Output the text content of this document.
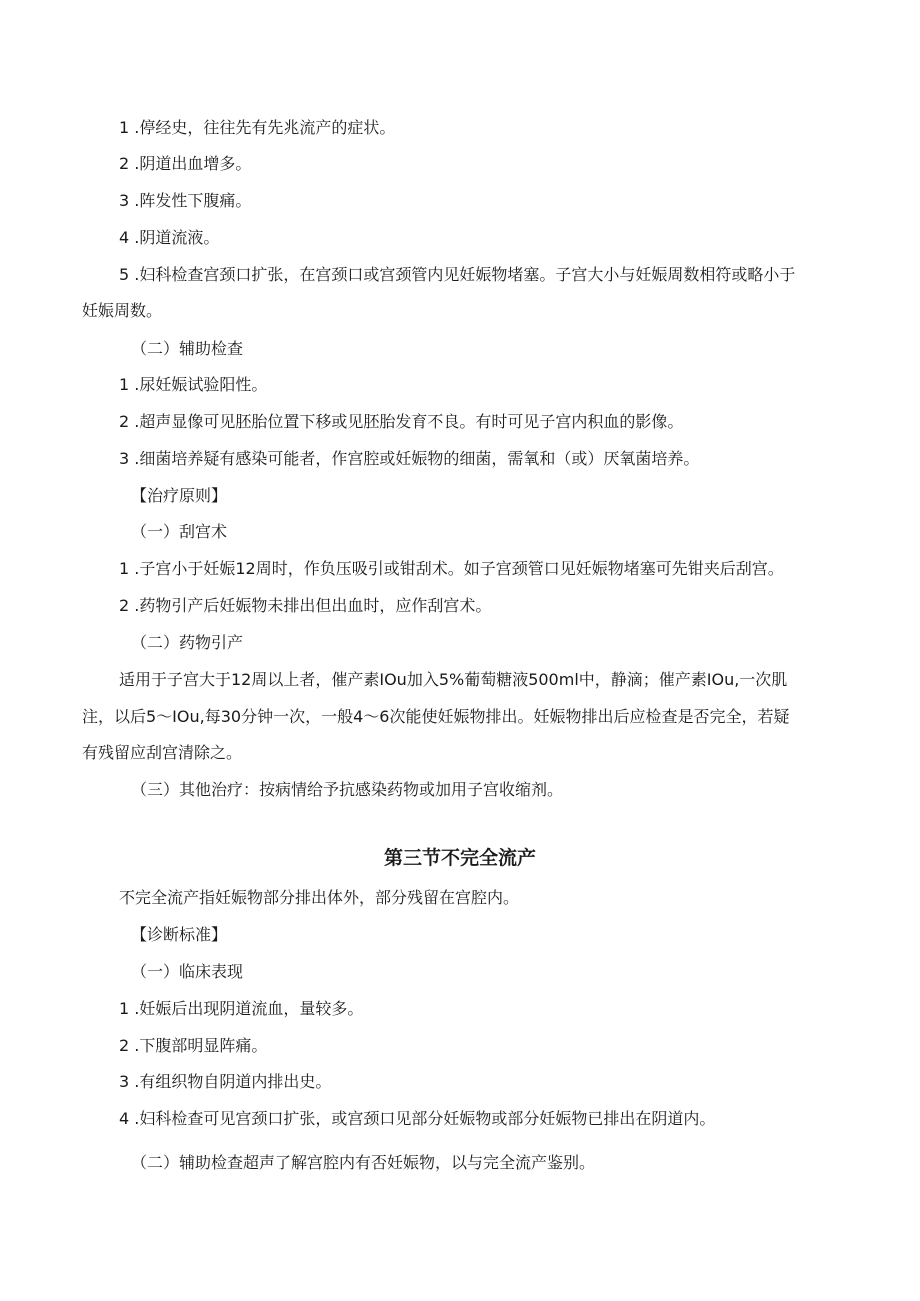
1 .停经史，往往先有先兆流产的症状。
2 .阴道出血增多。
3 .阵发性下腹痛。
4 .阴道流液。
5 .妇科检查宫颈口扩张，在宫颈口或宫颈管内见妊娠物堵塞。子宫大小与妊娠周数相符或略小于
妊娠周数。
（二）辅助检查
1 .尿妊娠试验阳性。
2 .超声显像可见胚胎位置下移或见胚胎发育不良。有时可见子宫内积血的影像。
3 .细菌培养疑有感染可能者，作宫腔或妊娠物的细菌，需氧和（或）厌氧菌培养。
【治疗原则】
（一）刮宫术
1 .子宫小于妊娠12周时，作负压吸引或钳刮术。如子宫颈管口见妊娠物堵塞可先钳夹后刮宫。
2 .药物引产后妊娠物未排出但出血时，应作刮宫术。
（二）药物引产
适用于子宫大于12周以上者，催产素IOu加入5%葡萄糖液500ml中，静滴；催产素IOu,一次肌
注，以后5～IOu,每30分钟一次，一般4～6次能使妊娠物排出。妊娠物排出后应检查是否完全，若疑
有残留应刮宫清除之。
（三）其他治疗：按病情给予抗感染药物或加用子宫收缩剂。
第三节不完全流产
不完全流产指妊娠物部分排出体外，部分残留在宫腔内。
【诊断标准】
（一）临床表现
1 .妊娠后出现阴道流血，量较多。
2 .下腹部明显阵痛。
3 .有组织物自阴道内排出史。
4 .妇科检查可见宫颈口扩张，或宫颈口见部分妊娠物或部分妊娠物已排出在阴道内。
（二）辅助检查超声了解宫腔内有否妊娠物，以与完全流产鉴别。
